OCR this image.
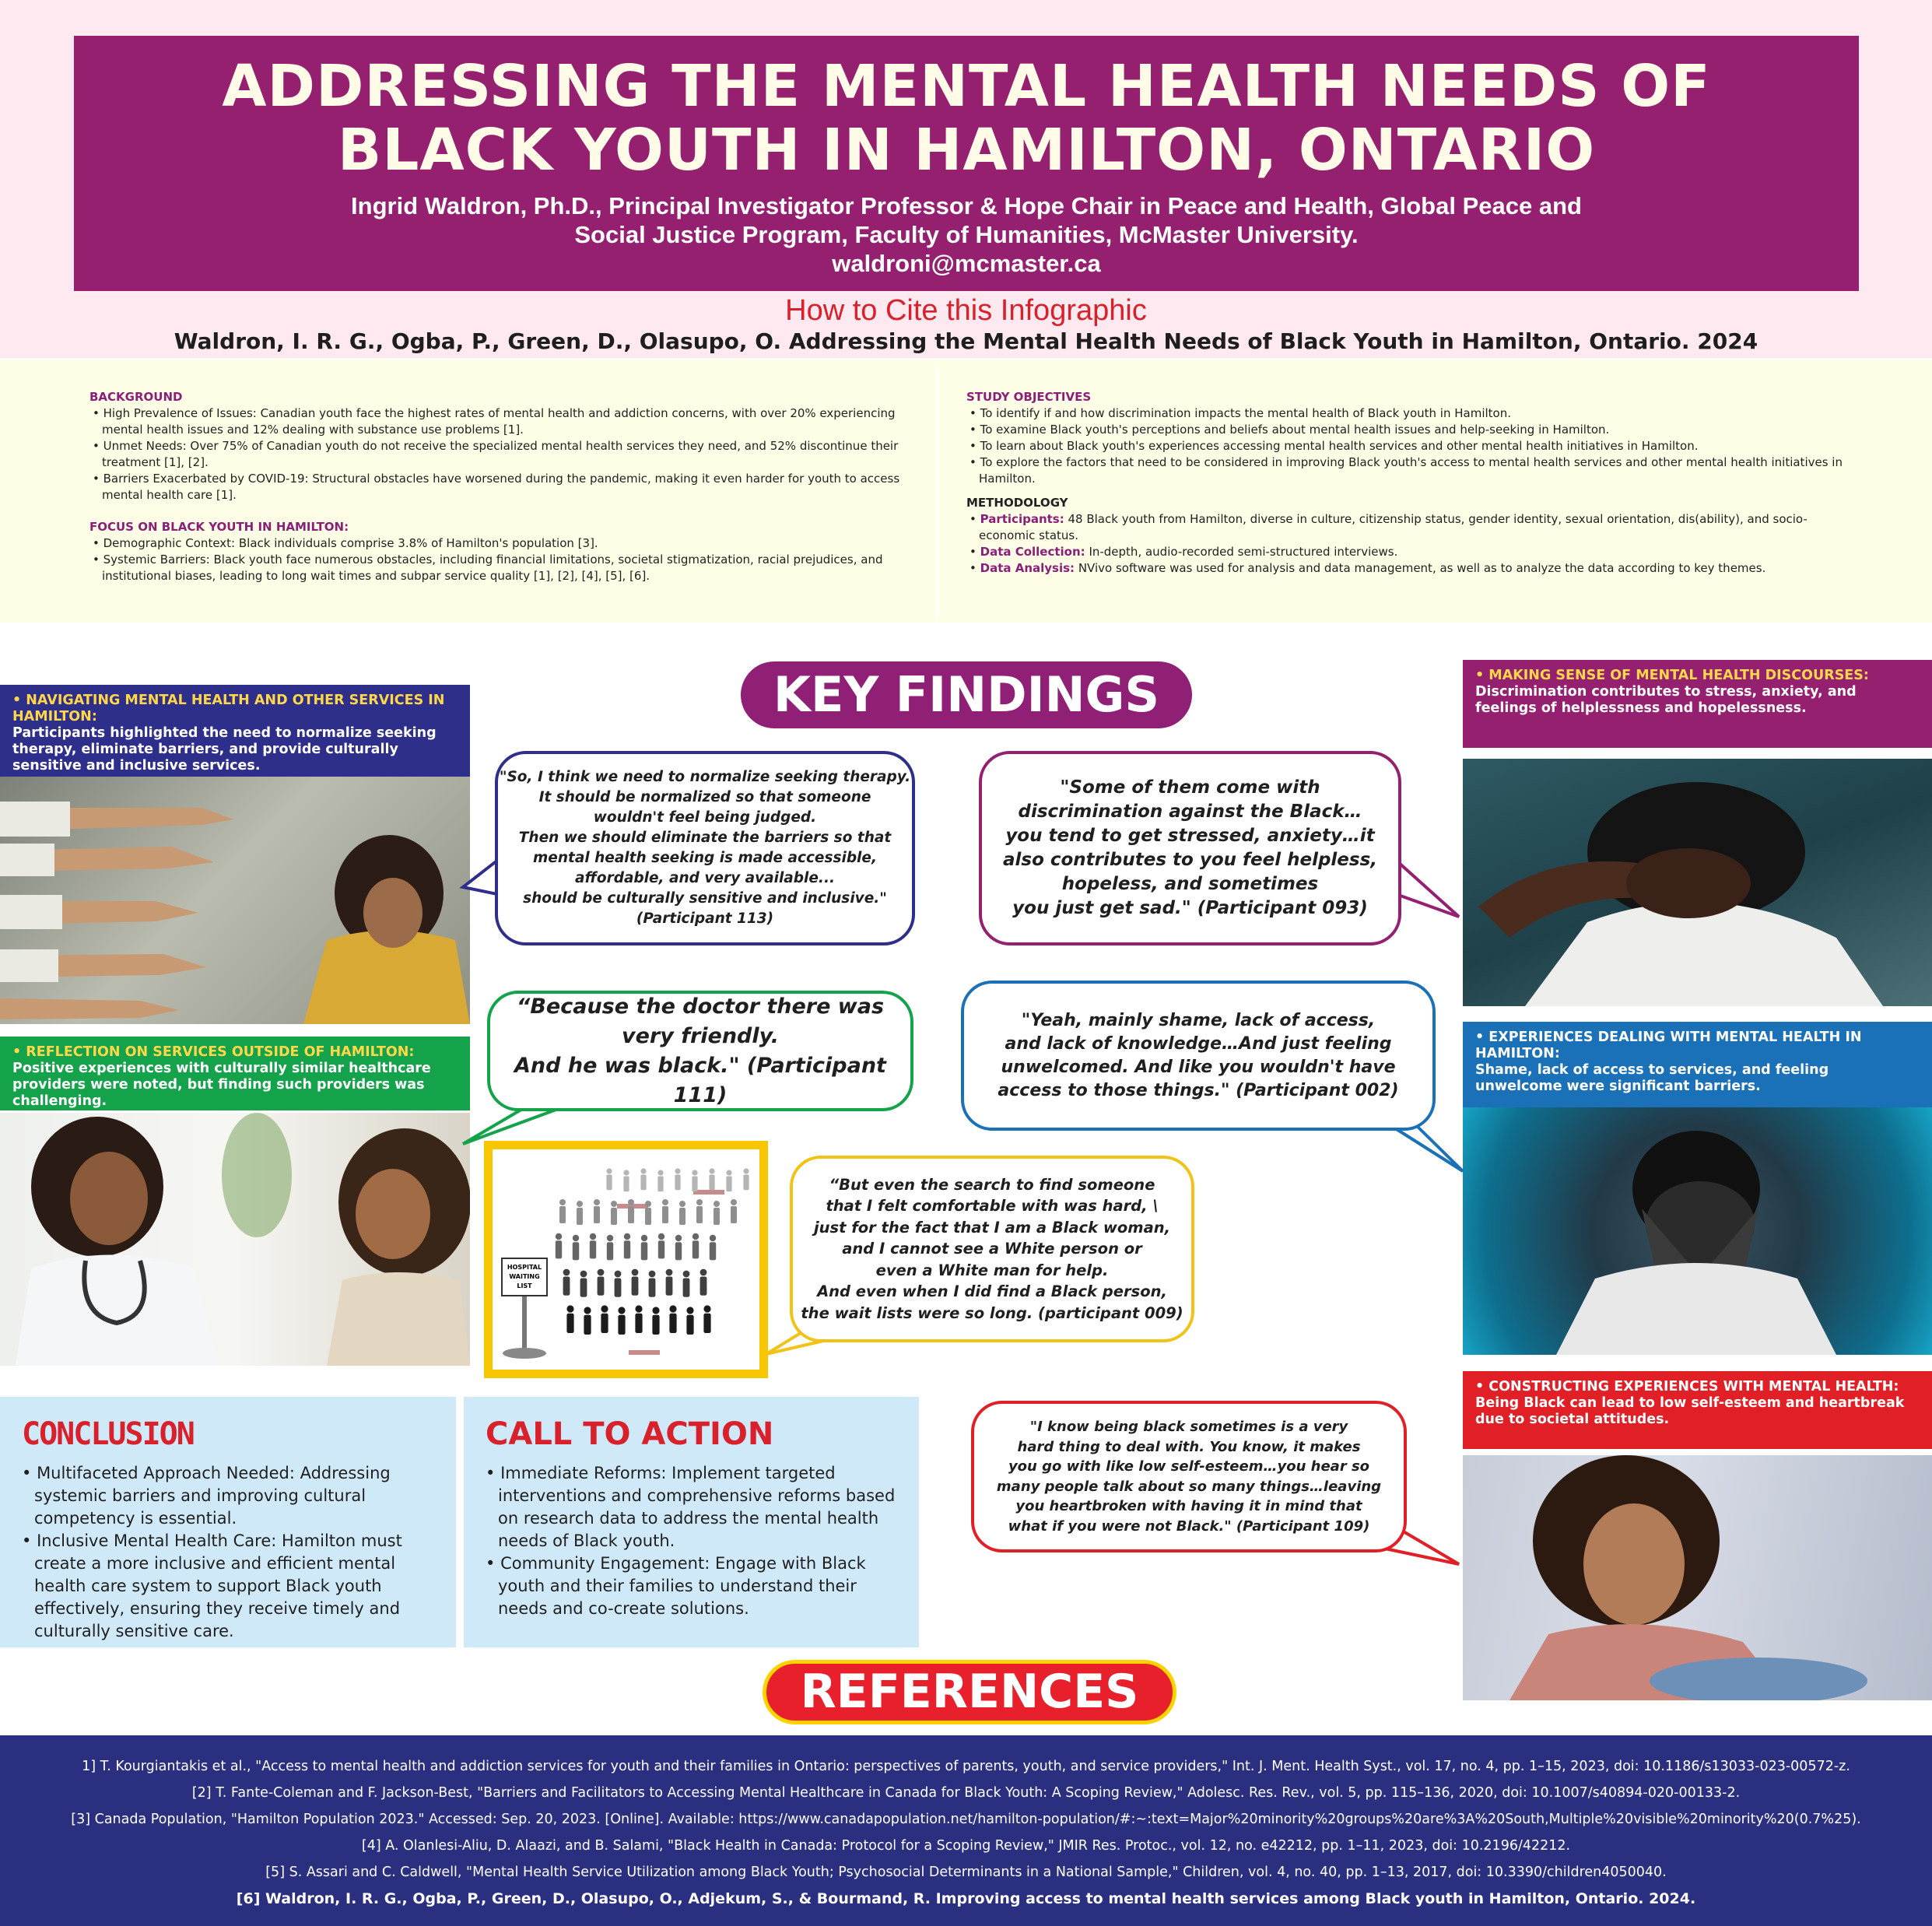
ADDRESSING THE MENTAL HEALTH NEEDS OF
BLACK YOUTH IN HAMILTON, ONTARIO
Ingrid Waldron, Ph.D., Principal Investigator Professor & Hope Chair in Peace and Health, Global Peace and
Social Justice Program, Faculty of Humanities, McMaster University.
waldroni@mcmaster.ca
How to Cite this Infographic
Waldron, I. R. G., Ogba, P., Green, D., Olasupo, O. Addressing the Mental Health Needs of Black Youth in Hamilton, Ontario. 2024
BACKGROUND
• High Prevalence of Issues: Canadian youth face the highest rates of mental health and addiction concerns, with over 20% experiencing mental health issues and 12% dealing with substance use problems [1].
• Unmet Needs: Over 75% of Canadian youth do not receive the specialized mental health services they need, and 52% discontinue their treatment [1], [2].
• Barriers Exacerbated by COVID-19: Structural obstacles have worsened during the pandemic, making it even harder for youth to access mental health care [1].
FOCUS ON BLACK YOUTH IN HAMILTON:
• Demographic Context: Black individuals comprise 3.8% of Hamilton's population [3].
• Systemic Barriers: Black youth face numerous obstacles, including financial limitations, societal stigmatization, racial prejudices, and institutional biases, leading to long wait times and subpar service quality [1], [2], [4], [5], [6].
STUDY OBJECTIVES
• To identify if and how discrimination impacts the mental health of Black youth in Hamilton.
• To examine Black youth's perceptions and beliefs about mental health issues and help-seeking in Hamilton.
• To learn about Black youth's experiences accessing mental health services and other mental health initiatives in Hamilton.
• To explore the factors that need to be considered in improving Black youth's access to mental health services and other mental health initiatives in Hamilton.
METHODOLOGY
• Participants: 48 Black youth from Hamilton, diverse in culture, citizenship status, gender identity, sexual orientation, dis(ability), and socio-economic status.
• Data Collection: In-depth, audio-recorded semi-structured interviews.
• Data Analysis: NVivo software was used for analysis and data management, as well as to analyze the data according to key themes.
KEY FINDINGS
• NAVIGATING MENTAL HEALTH AND OTHER SERVICES IN HAMILTON:
Participants highlighted the need to normalize seeking therapy, eliminate barriers, and provide culturally sensitive and inclusive services.
• REFLECTION ON SERVICES OUTSIDE OF HAMILTON:
Positive experiences with culturally similar healthcare providers were noted, but finding such providers was challenging.
• MAKING SENSE OF MENTAL HEALTH DISCOURSES:
Discrimination contributes to stress, anxiety, and feelings of helplessness and hopelessness.
• EXPERIENCES DEALING WITH MENTAL HEALTH IN HAMILTON:
Shame, lack of access to services, and feeling unwelcome were significant barriers.
• CONSTRUCTING EXPERIENCES WITH MENTAL HEALTH:
Being Black can lead to low self-esteem and heartbreak due to societal attitudes.

"So, I think we need to normalize seeking therapy.
It should be normalized so that someone
wouldn't feel being judged.
Then we should eliminate the barriers so that
mental health seeking is made accessible,
affordable, and very available...
should be culturally sensitive and inclusive."
(Participant 113)

"Some of them come with
discrimination against the Black…
you tend to get stressed, anxiety…it
also contributes to you feel helpless,
hopeless, and sometimes
you just get sad." (Participant 093)

“Because the doctor there was very friendly.
And he was black." (Participant 111)

"Yeah, mainly shame, lack of access,
and lack of knowledge…And just feeling
unwelcomed. And like you wouldn't have
access to those things." (Participant 002)

“But even the search to find someone
that I felt comfortable with was hard, \
just for the fact that I am a Black woman,
and I cannot see a White person or
even a White man for help.
And even when I did find a Black person,
the wait lists were so long. (participant 009)

"I know being black sometimes is a very
hard thing to deal with. You know, it makes
you go with like low self-esteem…you hear so
many people talk about so many things…leaving
you heartbroken with having it in mind that
what if you were not Black." (Participant 109)

HOSPITAL
WAITING
LIST
CONCLUSION
• Multifaceted Approach Needed: Addressing systemic barriers and improving cultural competency is essential.
• Inclusive Mental Health Care: Hamilton must create a more inclusive and efficient mental health care system to support Black youth effectively, ensuring they receive timely and culturally sensitive care.
CALL TO ACTION
• Immediate Reforms: Implement targeted interventions and comprehensive reforms based on research data to address the mental health needs of Black youth.
• Community Engagement: Engage with Black youth and their families to understand their needs and co-create solutions.
REFERENCES
1] T. Kourgiantakis et al., "Access to mental health and addiction services for youth and their families in Ontario: perspectives of parents, youth, and service providers," Int. J. Ment. Health Syst., vol. 17, no. 4, pp. 1–15, 2023, doi: 10.1186/s13033-023-00572-z.
[2] T. Fante-Coleman and F. Jackson-Best, "Barriers and Facilitators to Accessing Mental Healthcare in Canada for Black Youth: A Scoping Review," Adolesc. Res. Rev., vol. 5, pp. 115–136, 2020, doi: 10.1007/s40894-020-00133-2.
[3] Canada Population, "Hamilton Population 2023." Accessed: Sep. 20, 2023. [Online]. Available: https://www.canadapopulation.net/hamilton-population/#:~:text=Major%20minority%20groups%20are%3A%20South,Multiple%20visible%20minority%20(0.7%25).
[4] A. Olanlesi-Aliu, D. Alaazi, and B. Salami, "Black Health in Canada: Protocol for a Scoping Review," JMIR Res. Protoc., vol. 12, no. e42212, pp. 1–11, 2023, doi: 10.2196/42212.
[5] S. Assari and C. Caldwell, "Mental Health Service Utilization among Black Youth; Psychosocial Determinants in a National Sample," Children, vol. 4, no. 40, pp. 1–13, 2017, doi: 10.3390/children4050040.
[6] Waldron, I. R. G., Ogba, P., Green, D., Olasupo, O., Adjekum, S., & Bourmand, R. Improving access to mental health services among Black youth in Hamilton, Ontario. 2024.
